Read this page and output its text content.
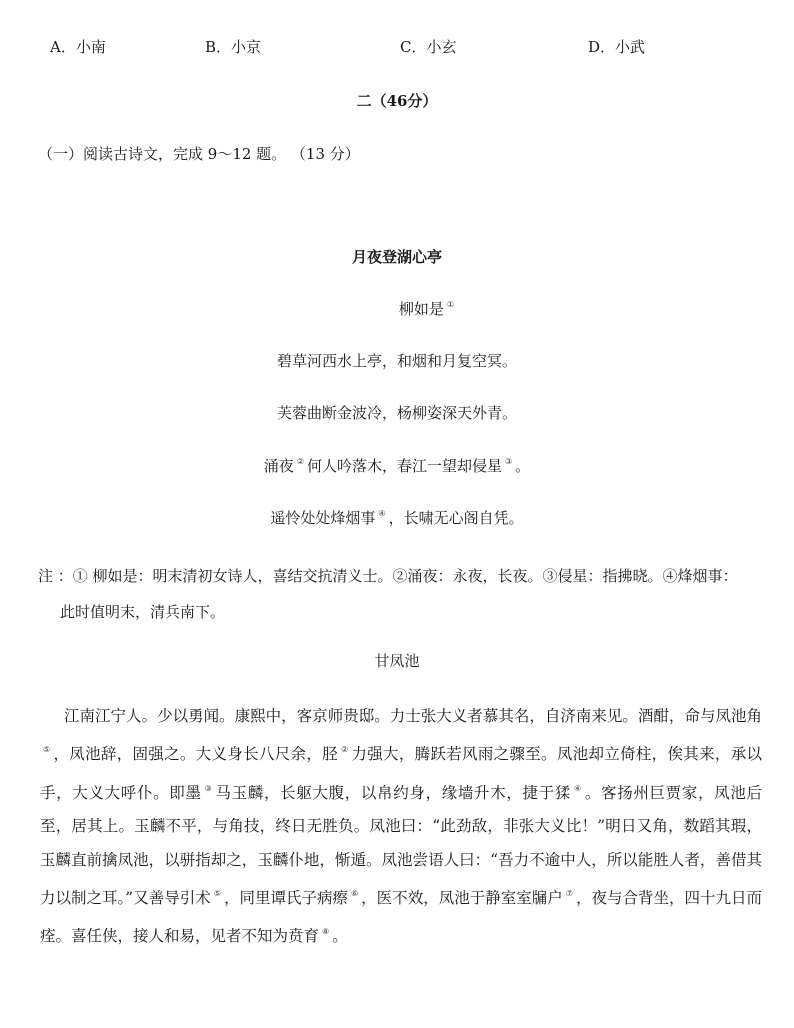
A．小南	B．小京	C．小玄	D．小武
二（46分）
（一）阅读古诗文，完成 9～12 题。 （13 分）
月夜登湖心亭
柳如是 ①
碧草河西水上亭，和烟和月复空冥。
芙蓉曲断金波冷，杨柳姿深天外青。
涌夜 ② 何人吟落木，春江一望却侵星 ③ 。
遥怜处处烽烟事 ④ ，长啸无心阁自凭。
注 ：① 柳如是：明末清初女诗人，喜结交抗清义士。②涌夜：永夜，长夜。③侵星：指拂晓。④烽烟事：
此时值明末，清兵南下。
甘凤池
江南江宁人。少以勇闻。康熙中，客京师贵邸。力士张大义者慕其名，自济南来见。酒酣，命与凤池角⑤ ，凤池辞，固强之。大义身长八尺余，胫 ② 力强大，腾跃若风雨之骤至。凤池却立倚柱，俟其来，承以手，大义大呼仆。即墨 ③ 马玉麟，长躯大腹，以帛约身，缘墙升木，捷于猱 ④ 。客扬州巨贾家，凤池后至，居其上。玉麟不平，与角技，终日无胜负。凤池曰：“此劲敌，非张大义比！”明日又角，数蹈其瑕，玉麟直前擒凤池，以骈指却之，玉麟仆地，惭遁。凤池尝语人曰：“吾力不逾中人，所以能胜人者，善借其力以制之耳。”又善导引术 ⑤ ，同里谭氏子病瘵 ⑥ ，医不效，凤池于静室室牖户 ⑦ ，夜与合背坐，四十九日而痊。喜任侠，接人和易，见者不知为贲育 ⑧ 。
